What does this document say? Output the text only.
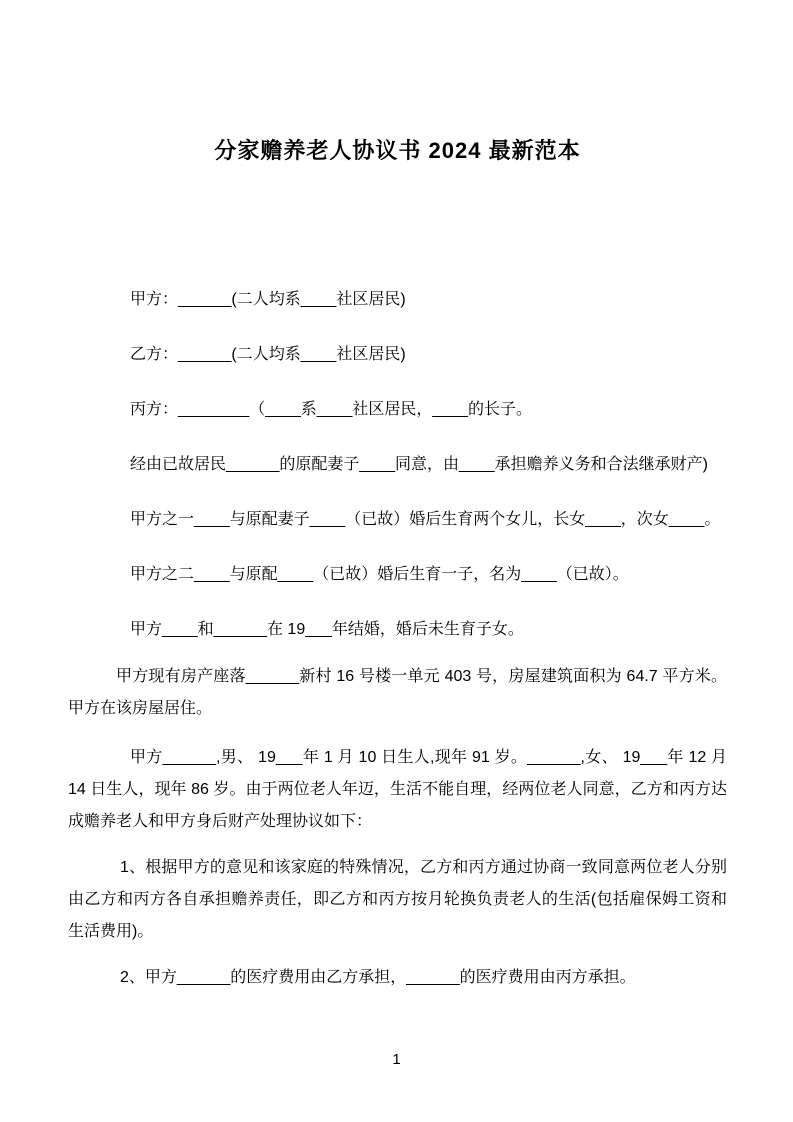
分家赡养老人协议书 2024 最新范本

甲方：______(二人均系____社区居民)

乙方：______(二人均系____社区居民)

丙方：________（____系____社区居民，____的长子。

经由已故居民______的原配妻子____同意，由____承担赡养义务和合法继承财产)

甲方之一____与原配妻子____（已故）婚后生育两个女儿，长女____，次女____。

甲方之二____与原配____（已故）婚后生育一子，名为____（已故）。

甲方____和______在 19___年结婚，婚后未生育子女。

甲方现有房产座落______新村 16 号楼一单元 403 号，房屋建筑面积为 64.7 平方米。甲方在该房屋居住。

甲方______,男、 19___年 1 月 10 日生人,现年 91 岁。______,女、 19___年 12 月 14 日生人，现年 86 岁。由于两位老人年迈，生活不能自理，经两位老人同意，乙方和丙方达成赡养老人和甲方身后财产处理协议如下：

1、根据甲方的意见和该家庭的特殊情况，乙方和丙方通过协商一致同意两位老人分别由乙方和丙方各自承担赡养责任，即乙方和丙方按月轮换负责老人的生活(包括雇保姆工资和生活费用)。

2、甲方______的医疗费用由乙方承担，______的医疗费用由丙方承担。

1
